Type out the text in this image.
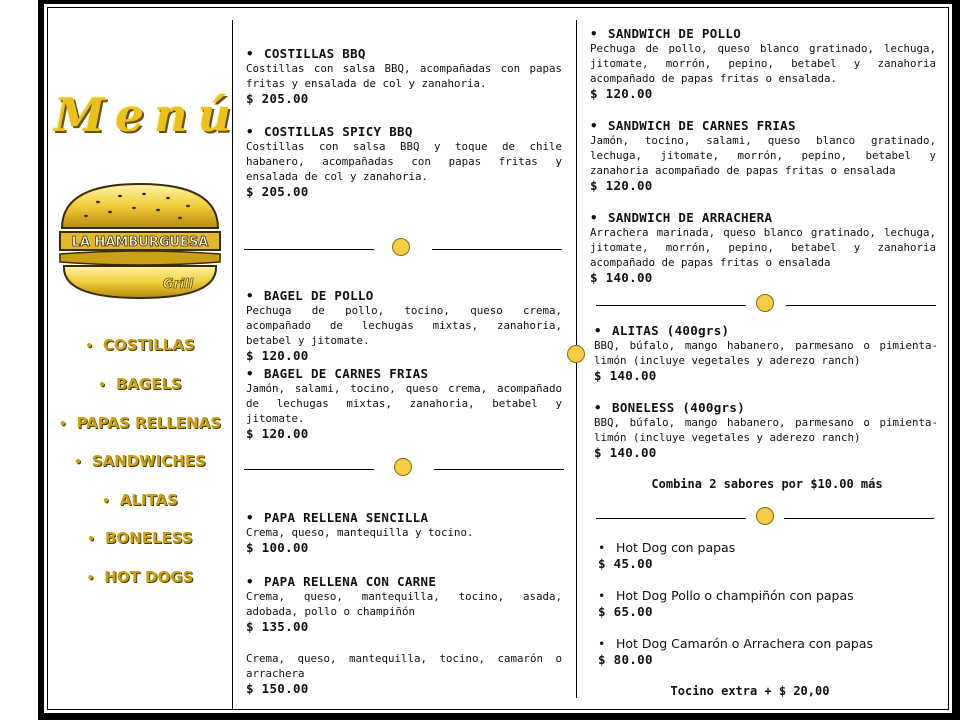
Menú
LA HAMBURGUESA
Grill
• COSTILLAS
• BAGELS
• PAPAS RELLENAS
• SANDWICHES
• ALITAS
• BONELESS
• HOT DOGS
• COSTILLAS BBQ
Costillas con salsa BBQ, acompañadas con papas fritas y ensalada de col y zanahoria.
$ 205.00
• COSTILLAS SPICY BBQ
Costillas con salsa BBQ y toque de chile habanero, acompañadas con papas fritas y ensalada de col y zanahoria.
$ 205.00
• BAGEL DE POLLO
Pechuga de pollo, tocino, queso crema, acompañado de lechugas mixtas, zanahoria, betabel y jitomate.
$ 120.00
• BAGEL DE CARNES FRIAS
Jamón, salami, tocino, queso crema, acompañado de lechugas mixtas, zanahoria, betabel y jitomate.
$ 120.00
• PAPA RELLENA SENCILLA
Crema, queso, mantequilla y tocino.
$ 100.00
• PAPA RELLENA CON CARNE
Crema, queso, mantequilla, tocino, asada, adobada, pollo o champiñón
$ 135.00
Crema, queso, mantequilla, tocino, camarón o arrachera
$ 150.00
• SANDWICH DE POLLO
Pechuga de pollo, queso blanco gratinado, lechuga, jitomate, morrón, pepino, betabel y zanahoria acompañado de papas fritas o ensalada.
$ 120.00
• SANDWICH DE CARNES FRIAS
Jamón, tocino, salami, queso blanco gratinado, lechuga, jitomate, morrón, pepino, betabel y zanahoria acompañado de papas fritas o ensalada
$ 120.00
• SANDWICH DE ARRACHERA
Arrachera marinada, queso blanco gratinado, lechuga, jitomate, morrón, pepino, betabel y zanahoria acompañado de papas fritas o ensalada
$ 140.00
• ALITAS (400grs)
BBQ, búfalo, mango habanero, parmesano o pimienta-limón (incluye vegetales y aderezo ranch)
$ 140.00
• BONELESS (400grs)
BBQ, búfalo, mango habanero, parmesano o pimienta-limón (incluye vegetales y aderezo ranch)
$ 140.00
Combina 2 sabores por $10.00 más
• Hot Dog con papas
$ 45.00
• Hot Dog Pollo o champiñón con papas
$ 65.00
• Hot Dog Camarón o Arrachera con papas
$ 80.00
Tocino extra + $ 20,00
